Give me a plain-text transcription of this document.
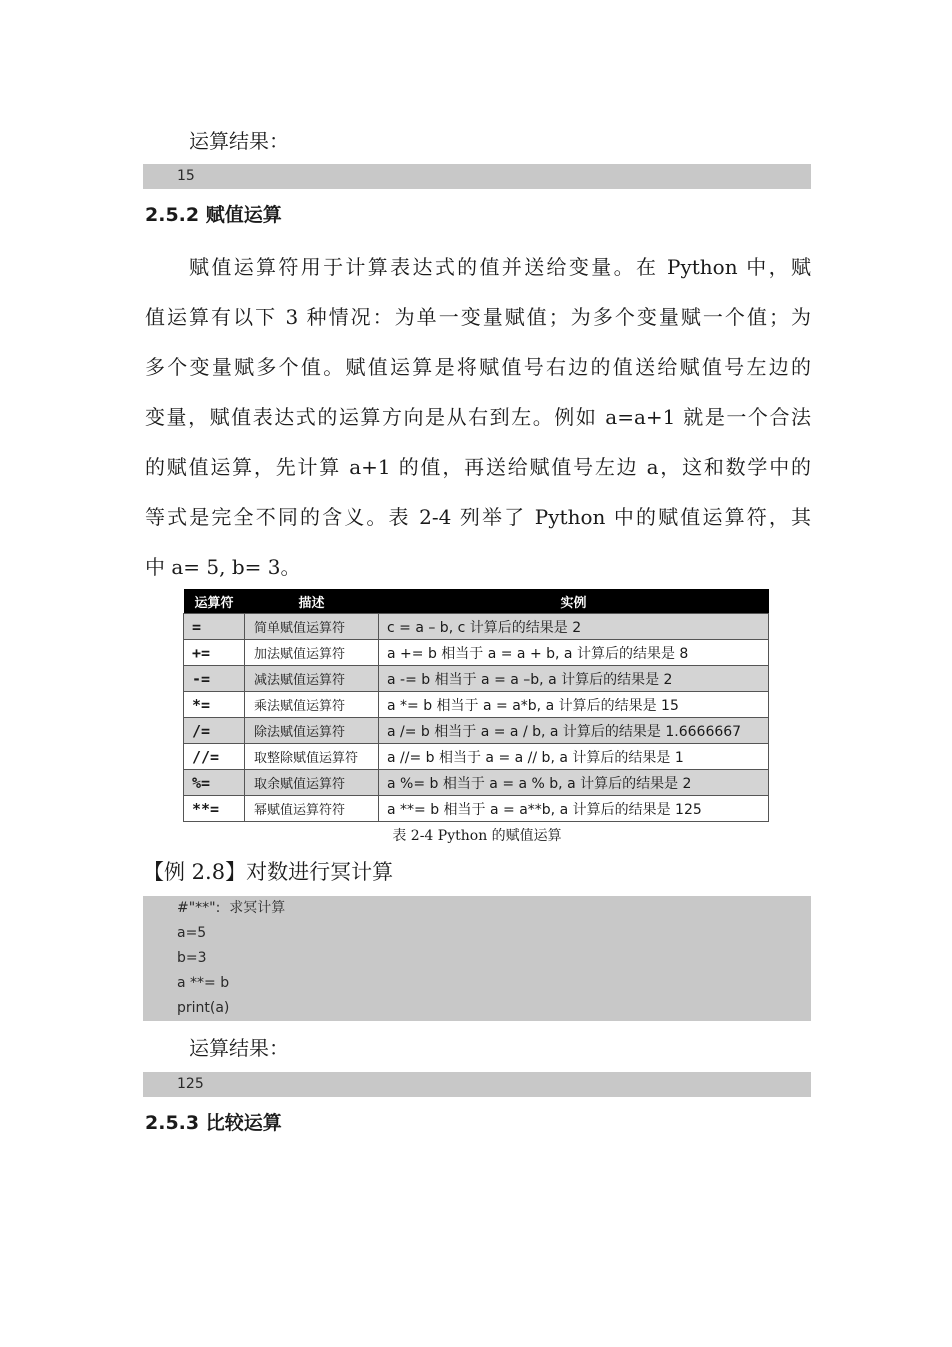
运算结果：
15
2.5.2 赋值运算
赋值运算符用于计算表达式的值并送给变量。在 Python 中，赋
值运算有以下 3 种情况：为单一变量赋值；为多个变量赋一个值；为
多个变量赋多个值。赋值运算是将赋值号右边的值送给赋值号左边的
变量，赋值表达式的运算方向是从右到左。例如 a=a+1 就是一个合法
的赋值运算，先计算 a+1 的值，再送给赋值号左边 a，这和数学中的
等式是完全不同的含义。表 2-4 列举了 Python 中的赋值运算符，其
中 a= 5, b= 3。
运算符	描述	实例
=	简单赋值运算符	c = a – b, c 计算后的结果是 2
+=	加法赋值运算符	a += b 相当于 a = a + b, a 计算后的结果是 8
-=	减法赋值运算符	a -= b 相当于 a = a –b, a 计算后的结果是 2
*=	乘法赋值运算符	a *= b 相当于 a = a*b, a 计算后的结果是 15
/=	除法赋值运算符	a /= b 相当于 a = a / b, a 计算后的结果是 1.6666667
//=	取整除赋值运算符	a //= b 相当于 a = a // b, a 计算后的结果是 1
%=	取余赋值运算符	a %= b 相当于 a = a % b, a 计算后的结果是 2
**=	幂赋值运算符符	a **= b 相当于 a = a**b, a 计算后的结果是 125
表 2-4 Python 的赋值运算
【例 2.8】对数进行冥计算
#"**":  求冥计算
a=5
b=3
a **= b
print(a)
运算结果：
125
2.5.3 比较运算
